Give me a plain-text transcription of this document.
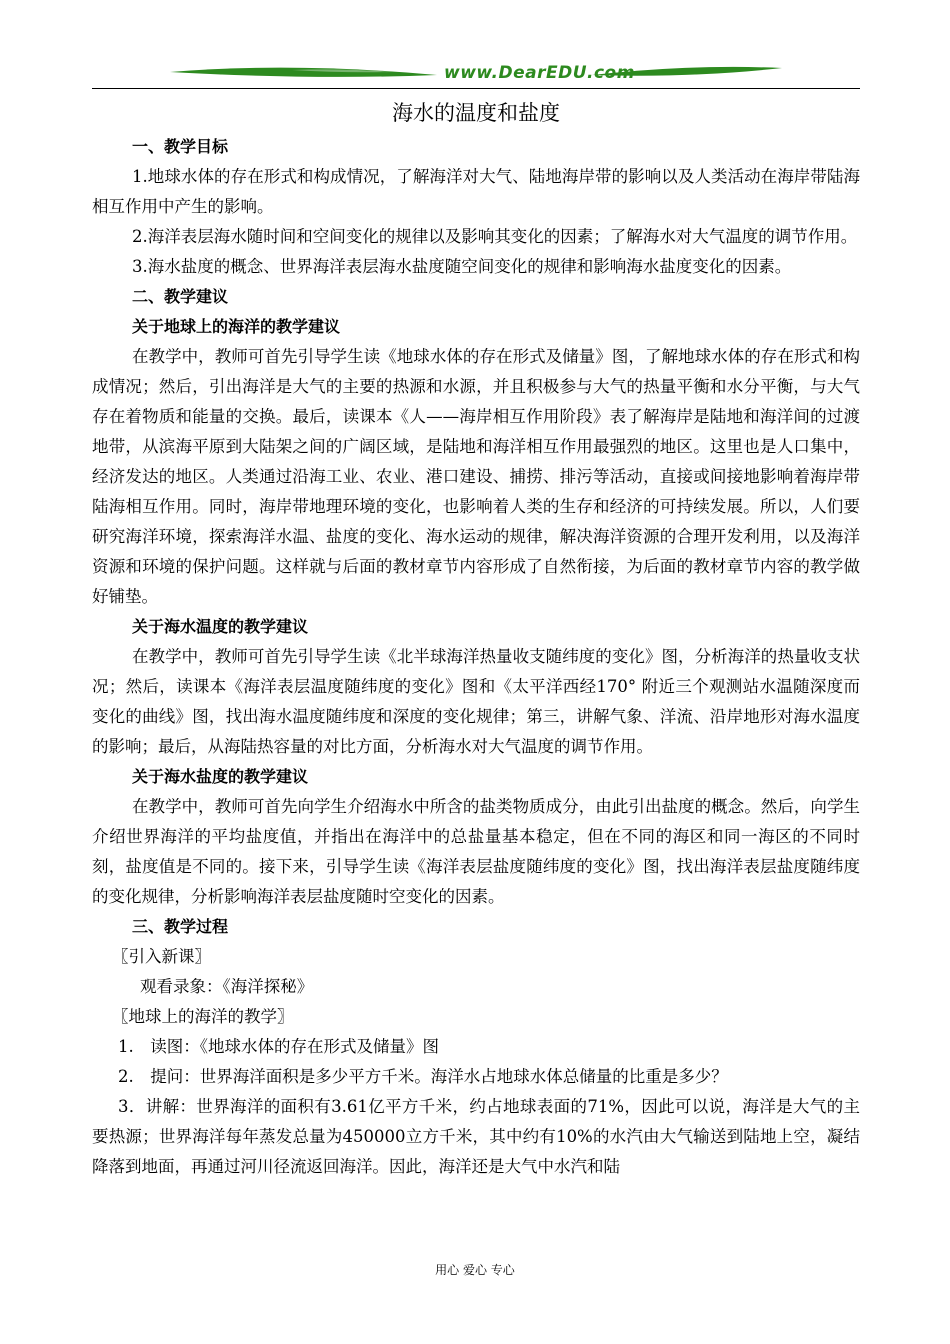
www.DearEDU.com
海水的温度和盐度
一、教学目标
1.地球水体的存在形式和构成情况，了解海洋对大气、陆地海岸带的影响以及人类活动在海岸带陆海相互作用中产生的影响。
2.海洋表层海水随时间和空间变化的规律以及影响其变化的因素；了解海水对大气温度的调节作用。
3.海水盐度的概念、世界海洋表层海水盐度随空间变化的规律和影响海水盐度变化的因素。
二、教学建议
关于地球上的海洋的教学建议
在教学中，教师可首先引导学生读《地球水体的存在形式及储量》图，了解地球水体的存在形式和构成情况；然后，引出海洋是大气的主要的热源和水源，并且积极参与大气的热量平衡和水分平衡，与大气存在着物质和能量的交换。最后，读课本《人——海岸相互作用阶段》表了解海岸是陆地和海洋间的过渡地带，从滨海平原到大陆架之间的广阔区域，是陆地和海洋相互作用最强烈的地区。这里也是人口集中，经济发达的地区。人类通过沿海工业、农业、港口建设、捕捞、排污等活动，直接或间接地影响着海岸带陆海相互作用。同时，海岸带地理环境的变化，也影响着人类的生存和经济的可持续发展。所以，人们要研究海洋环境，探索海洋水温、盐度的变化、海水运动的规律，解决海洋资源的合理开发利用，以及海洋资源和环境的保护问题。这样就与后面的教材章节内容形成了自然衔接，为后面的教材章节内容的教学做好铺垫。
关于海水温度的教学建议
在教学中，教师可首先引导学生读《北半球海洋热量收支随纬度的变化》图，分析海洋的热量收支状况；然后，读课本《海洋表层温度随纬度的变化》图和《太平洋西经170° 附近三个观测站水温随深度而变化的曲线》图，找出海水温度随纬度和深度的变化规律；第三，讲解气象、洋流、沿岸地形对海水温度的影响；最后，从海陆热容量的对比方面，分析海水对大气温度的调节作用。
关于海水盐度的教学建议
在教学中，教师可首先向学生介绍海水中所含的盐类物质成分，由此引出盐度的概念。然后，向学生介绍世界海洋的平均盐度值，并指出在海洋中的总盐量基本稳定，但在不同的海区和同一海区的不同时刻，盐度值是不同的。接下来，引导学生读《海洋表层盐度随纬度的变化》图，找出海洋表层盐度随纬度的变化规律，分析影响海洋表层盐度随时空变化的因素。
三、教学过程
〖引入新课〗
观看录象：《海洋探秘》
〖地球上的海洋的教学〗
1.　读图：《地球水体的存在形式及储量》图
2.　提问：世界海洋面积是多少平方千米。海洋水占地球水体总储量的比重是多少？
3．讲解：世界海洋的面积有3.61亿平方千米，约占地球表面的71%，因此可以说，海洋是大气的主要热源；世界海洋每年蒸发总量为450000立方千米，其中约有10%的水汽由大气输送到陆地上空，凝结降落到地面，再通过河川径流返回海洋。因此，海洋还是大气中水汽和陆
用心 爱心 专心
